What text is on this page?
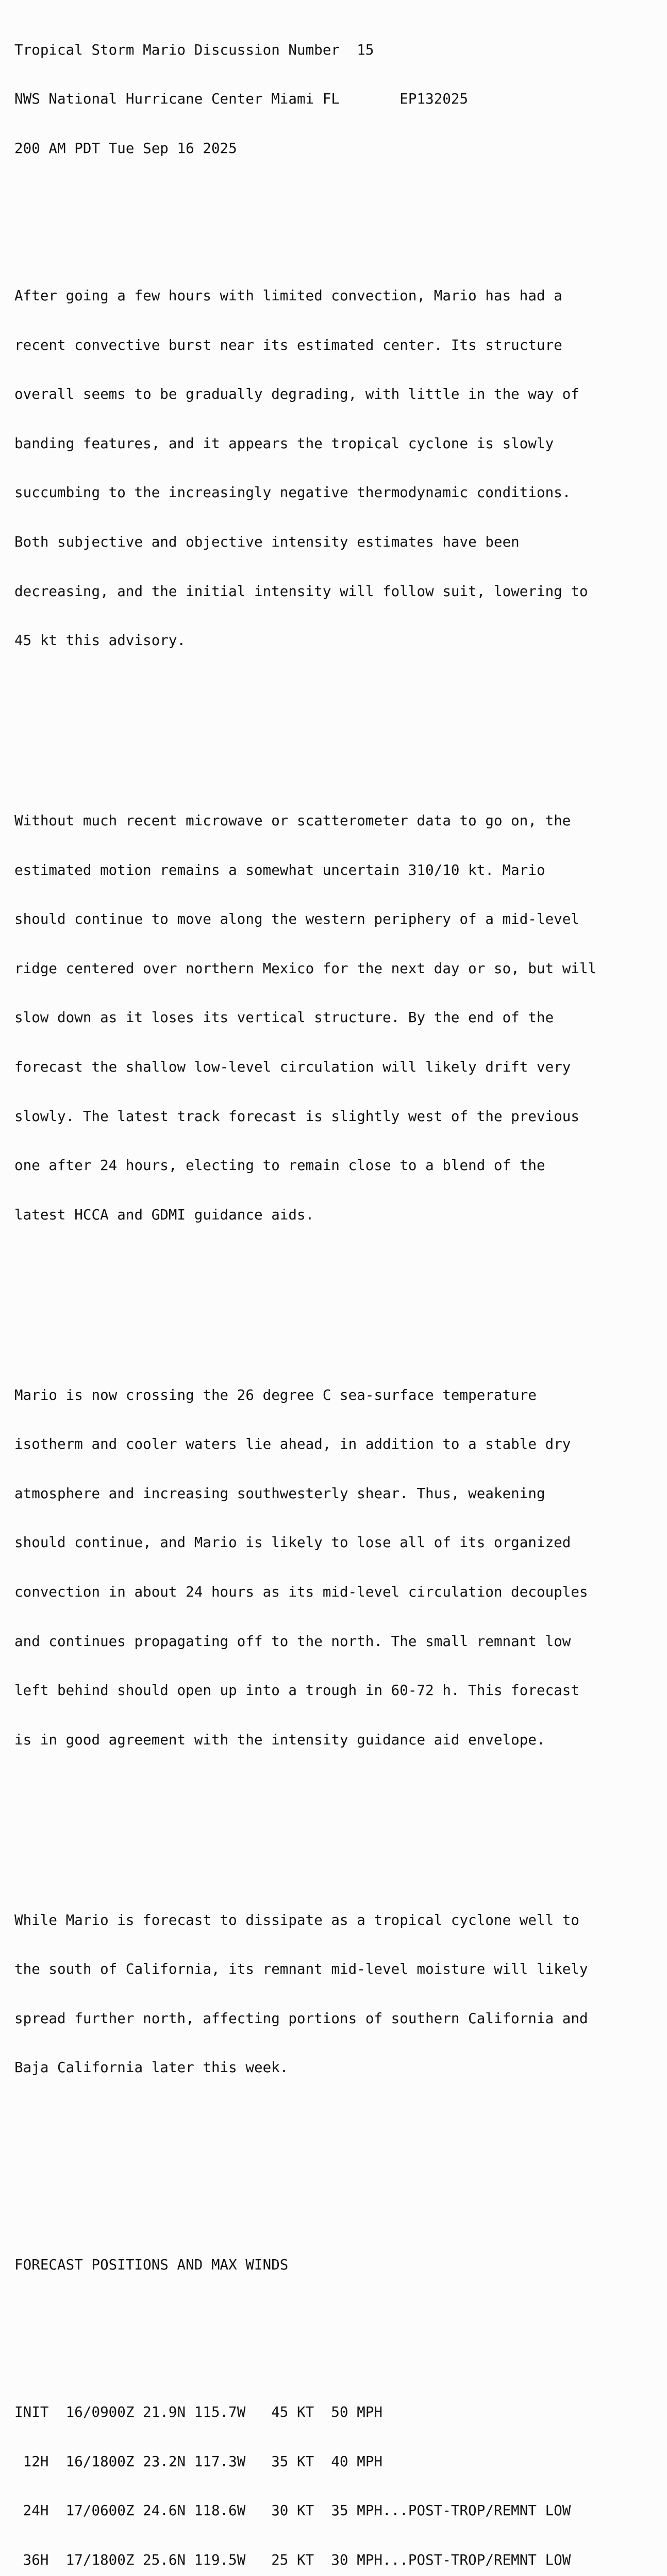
Tropical Storm Mario Discussion Number  15

NWS National Hurricane Center Miami FL       EP132025

200 AM PDT Tue Sep 16 2025

After going a few hours with limited convection, Mario has had a

recent convective burst near its estimated center. Its structure

overall seems to be gradually degrading, with little in the way of

banding features, and it appears the tropical cyclone is slowly

succumbing to the increasingly negative thermodynamic conditions.

Both subjective and objective intensity estimates have been

decreasing, and the initial intensity will follow suit, lowering to

45 kt this advisory.

Without much recent microwave or scatterometer data to go on, the

estimated motion remains a somewhat uncertain 310/10 kt. Mario

should continue to move along the western periphery of a mid-level

ridge centered over northern Mexico for the next day or so, but will

slow down as it loses its vertical structure. By the end of the

forecast the shallow low-level circulation will likely drift very

slowly. The latest track forecast is slightly west of the previous

one after 24 hours, electing to remain close to a blend of the

latest HCCA and GDMI guidance aids.

Mario is now crossing the 26 degree C sea-surface temperature

isotherm and cooler waters lie ahead, in addition to a stable dry

atmosphere and increasing southwesterly shear. Thus, weakening

should continue, and Mario is likely to lose all of its organized

convection in about 24 hours as its mid-level circulation decouples

and continues propagating off to the north. The small remnant low

left behind should open up into a trough in 60-72 h. This forecast

is in good agreement with the intensity guidance aid envelope.

While Mario is forecast to dissipate as a tropical cyclone well to

the south of California, its remnant mid-level moisture will likely

spread further north, affecting portions of southern California and

Baja California later this week.

FORECAST POSITIONS AND MAX WINDS

INIT  16/0900Z 21.9N 115.7W   45 KT  50 MPH

12H  16/1800Z 23.2N 117.3W   35 KT  40 MPH

24H  17/0600Z 24.6N 118.6W   30 KT  35 MPH...POST-TROP/REMNT LOW

36H  17/1800Z 25.6N 119.5W   25 KT  30 MPH...POST-TROP/REMNT LOW
